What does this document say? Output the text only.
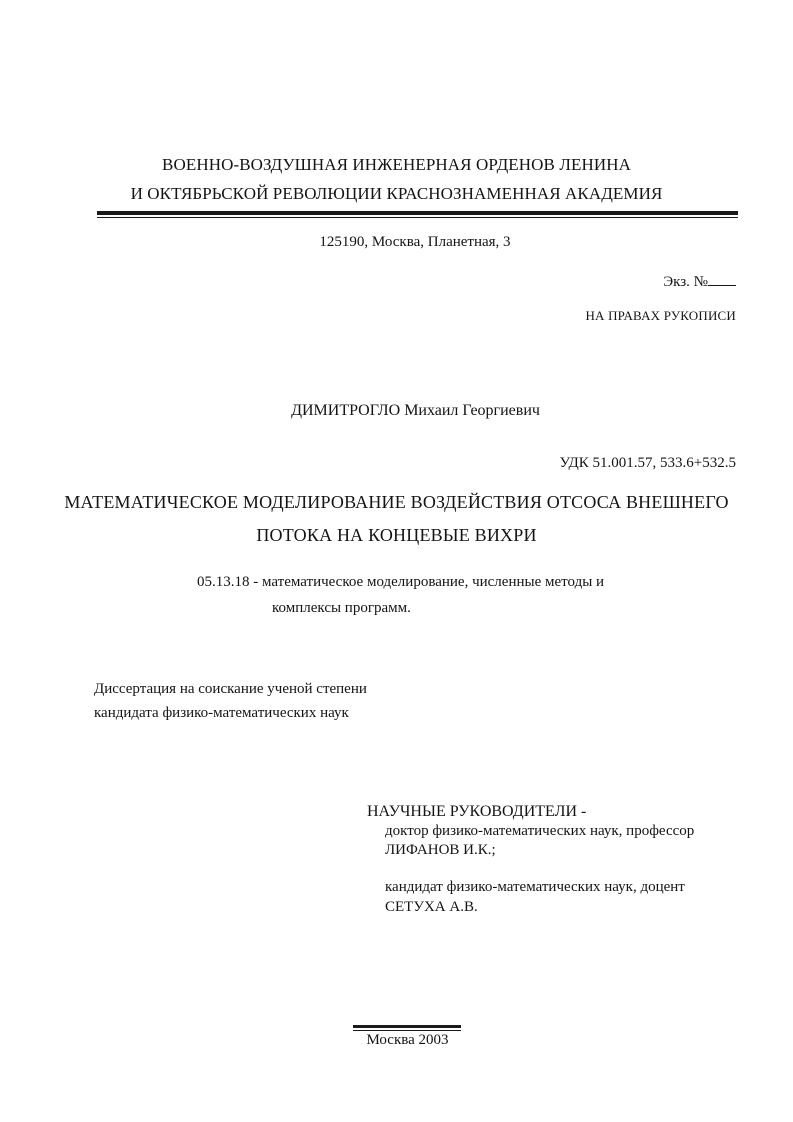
ВОЕННО-ВОЗДУШНАЯ ИНЖЕНЕРНАЯ ОРДЕНОВ ЛЕНИНА
И ОКТЯБРЬСКОЙ РЕВОЛЮЦИИ КРАСНОЗНАМЕННАЯ АКАДЕМИЯ
125190, Москва, Планетная, 3
Экз. №
НА ПРАВАХ РУКОПИСИ
ДИМИТРОГЛО Михаил Георгиевич
УДК 51.001.57, 533.6+532.5
МАТЕМАТИЧЕСКОЕ МОДЕЛИРОВАНИЕ ВОЗДЕЙСТВИЯ ОТСОСА ВНЕШНЕГО
ПОТОКА НА КОНЦЕВЫЕ ВИХРИ
05.13.18 - математическое моделирование, численные методы и
комплексы программ.
Диссертация на соискание ученой степени
кандидата физико-математических наук
НАУЧНЫЕ РУКОВОДИТЕЛИ -
доктор физико-математических наук, профессор
ЛИФАНОВ И.К.;
кандидат физико-математических наук, доцент
СЕТУХА А.В.
Москва 2003
